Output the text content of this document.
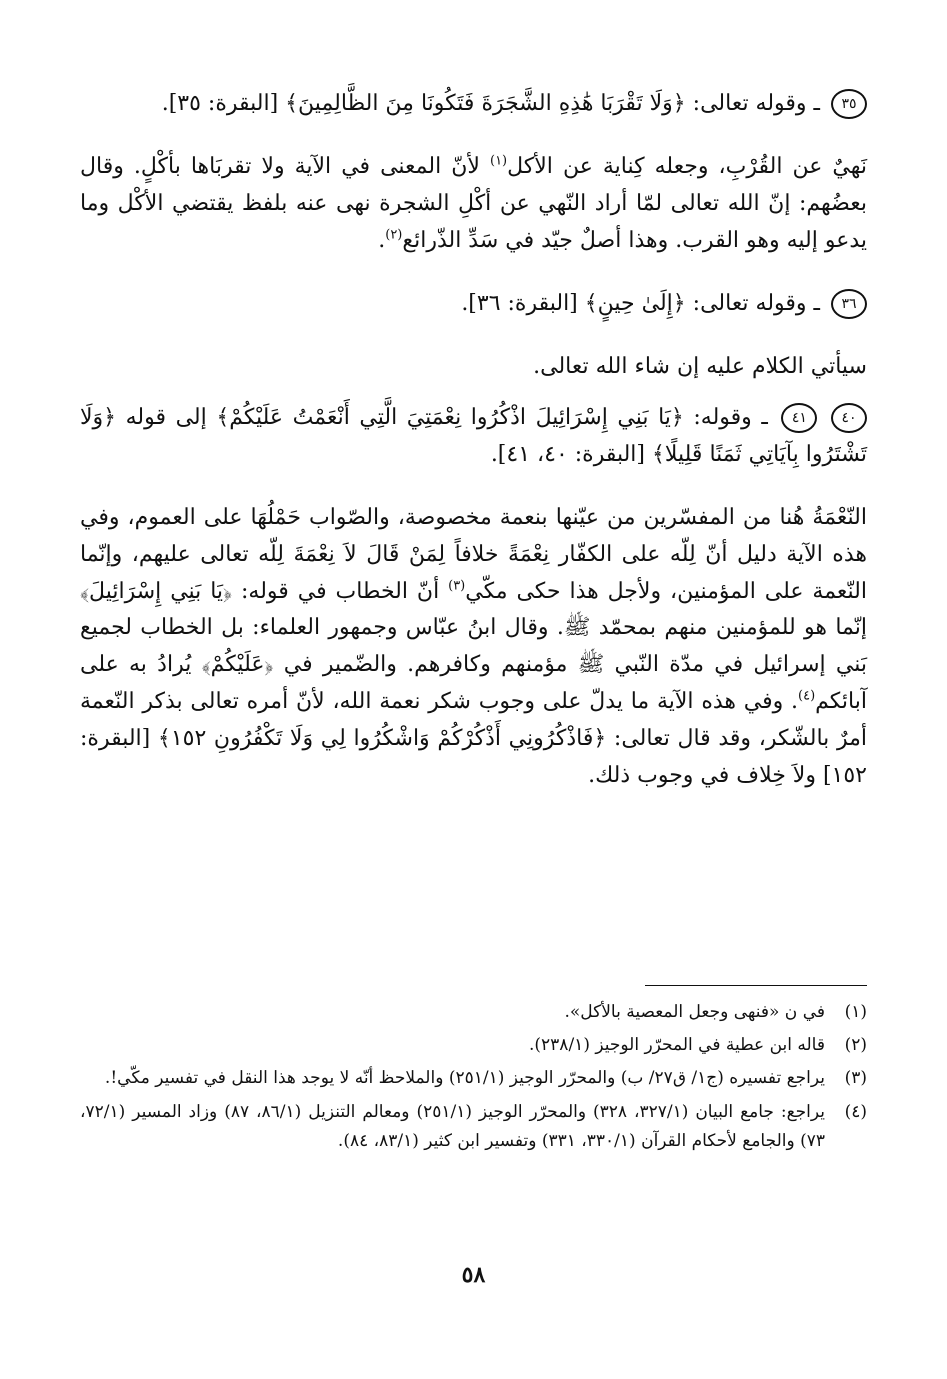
٣٥ ـ وقوله تعالى: ﴿وَلَا تَقْرَبَا هَٰذِهِ الشَّجَرَةَ فَتَكُونَا مِنَ الظَّالِمِينَ﴾ [البقرة: ٣٥].

نَهيٌ عن القُرْبِ، وجعله كِناية عن الأكل$^{(١)}$ لأنّ المعنى في الآية ولا تقربَاها بأكْلٍ. وقال بعضُهم: إنّ الله تعالى لمّا أراد النّهي عن أكْلِ الشجرة نهى عنه بلفظ يقتضي الأكْل وما يدعو إليه وهو القرب. وهذا أصلٌ جيّد في سَدِّ الذّرائع$^{(٢)}$.

٣٦ ـ وقوله تعالى: ﴿إِلَىٰ حِينٍ﴾ [البقرة: ٣٦].

سيأتي الكلام عليه إن شاء الله تعالى.

٤٠ ٤١ ـ وقوله: ﴿يَا بَنِي إِسْرَائِيلَ اذْكُرُوا نِعْمَتِيَ الَّتِي أَنْعَمْتُ عَلَيْكُمْ﴾ إلى قوله ﴿وَلَا تَشْتَرُوا بِآيَاتِي ثَمَنًا قَلِيلًا﴾ [البقرة: ٤٠، ٤١].

النّعْمَةُ هُنا من المفسّرين من عيّنها بنعمة مخصوصة، والصّواب حَمْلُهَا على العموم، وفي هذه الآية دليل أنّ لِلّه على الكفّار نِعْمَةً خلافاً لِمَنْ قَالَ لاَ نِعْمَةَ لِلّه تعالى عليهم، وإنّما النّعمة على المؤمنين، ولأجل هذا حكى مكّي$^{(٣)}$ أنّ الخطاب في قوله: ﴿يَا بَنِي إِسْرَائِيلَ﴾ إنّما هو للمؤمنين منهم بمحمّد ﷺ. وقال ابنُ عبّاس وجمهور العلماء: بل الخطاب لجميع بَني إسرائيل في مدّة النّبي ﷺ مؤمنهم وكافرهم. والضّمير في ﴿عَلَيْكُمْ﴾ يُرادُ به على آبائكم$^{(٤)}$. وفي هذه الآية ما يدلّ على وجوب شكر نعمة الله، لأنّ أمره تعالى بذكر النّعمة أمرٌ بالشّكر، وقد قال تعالى: ﴿فَاذْكُرُونِي أَذْكُرْكُمْ وَاشْكُرُوا لِي وَلَا تَكْفُرُونِ ١٥٢﴾ [البقرة: ١٥٢] ولاَ خِلاف في وجوب ذلك.

(١)
في ن «فنهى وجعل المعصية بالأكل».
(٢)
قاله ابن عطية في المحرّر الوجيز (٢٣٨/١).
(٣)
يراجع تفسيره (ج١/ ق٢٧/ ب) والمحرّر الوجيز (٢٥١/١) والملاحظ أنّه لا يوجد هذا النقل في تفسير مكّي!.
(٤)
يراجع: جامع البيان (٣٢٧/١، ٣٢٨) والمحرّر الوجيز (٢٥١/١) ومعالم التنزيل (٨٦/١، ٨٧) وزاد المسير (٧٢/١، ٧٣) والجامع لأحكام القرآن (٣٣٠/١، ٣٣١) وتفسير ابن كثير (٨٣/١، ٨٤).
٥٨
